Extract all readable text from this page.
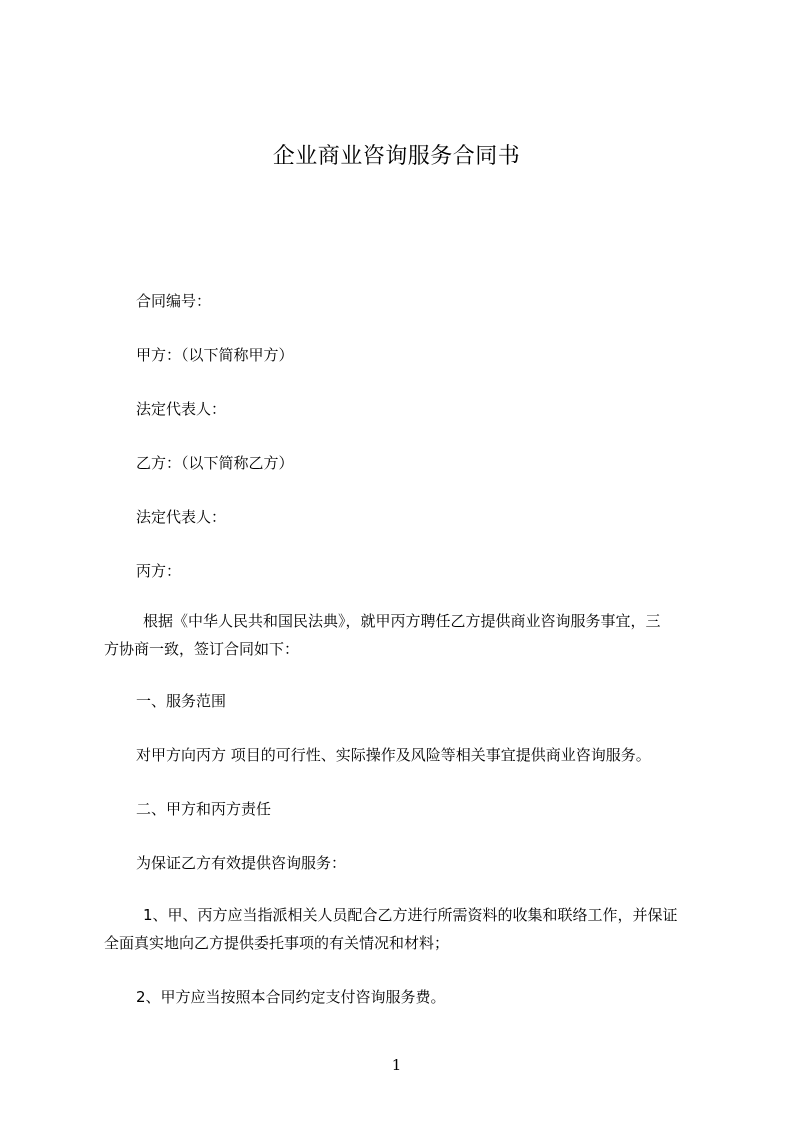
企业商业咨询服务合同书
合同编号：
甲方：（以下简称甲方）
法定代表人：
乙方：（以下简称乙方）
法定代表人：
丙方：
根据《中华人民共和国民法典》，就甲丙方聘任乙方提供商业咨询服务事宜，三
方协商一致，签订合同如下：
一、服务范围
对甲方向丙方 项目的可行性、实际操作及风险等相关事宜提供商业咨询服务。
二、甲方和丙方责任
为保证乙方有效提供咨询服务：
1、甲、丙方应当指派相关人员配合乙方进行所需资料的收集和联络工作，并保证
全面真实地向乙方提供委托事项的有关情况和材料；
2、甲方应当按照本合同约定支付咨询服务费。
1
